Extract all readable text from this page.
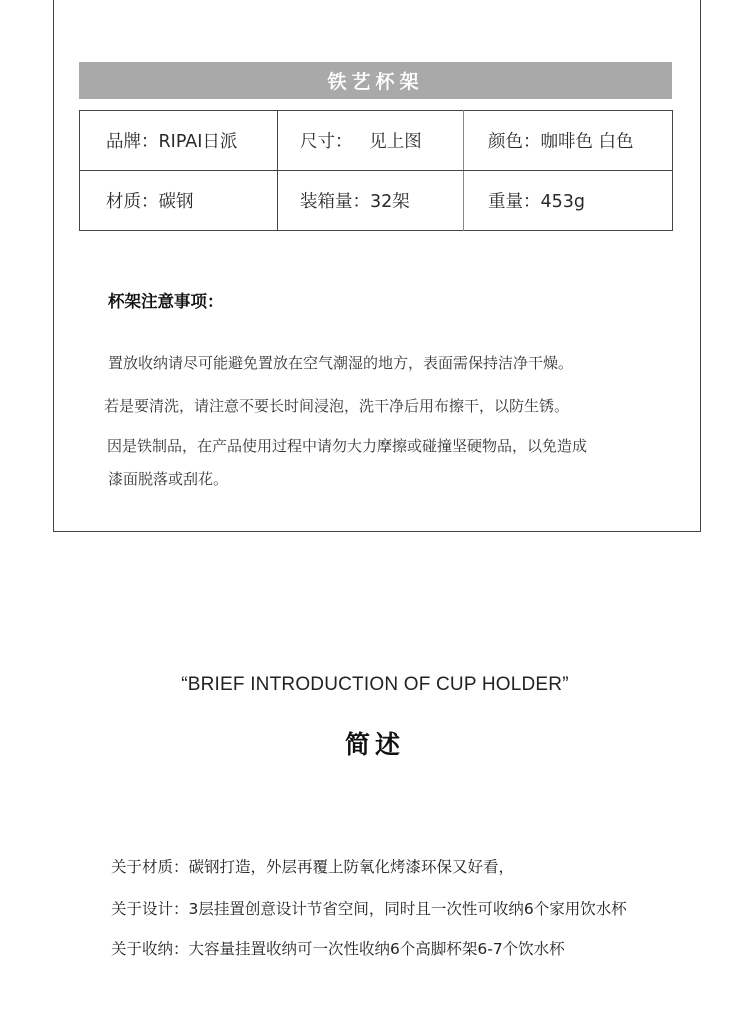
铁艺杯架
品牌：RIPAI日派	尺寸：   见上图	颜色：咖啡色 白色
材质：碳钢	装箱量：32架	重量：453g
杯架注意事项：
置放收纳请尽可能避免置放在空气潮湿的地方，表面需保持洁净干燥。
若是要清洗，请注意不要长时间浸泡，洗干净后用布擦干，以防生锈。
因是铁制品，在产品使用过程中请勿大力摩擦或碰撞坚硬物品，以免造成
漆面脱落或刮花。
“BRIEF INTRODUCTION OF CUP HOLDER”
简述
关于材质：碳钢打造，外层再覆上防氧化烤漆环保又好看，
关于设计：3层挂置创意设计节省空间，同时且一次性可收纳6个家用饮水杯
关于收纳：大容量挂置收纳可一次性收纳6个高脚杯架6-7个饮水杯
